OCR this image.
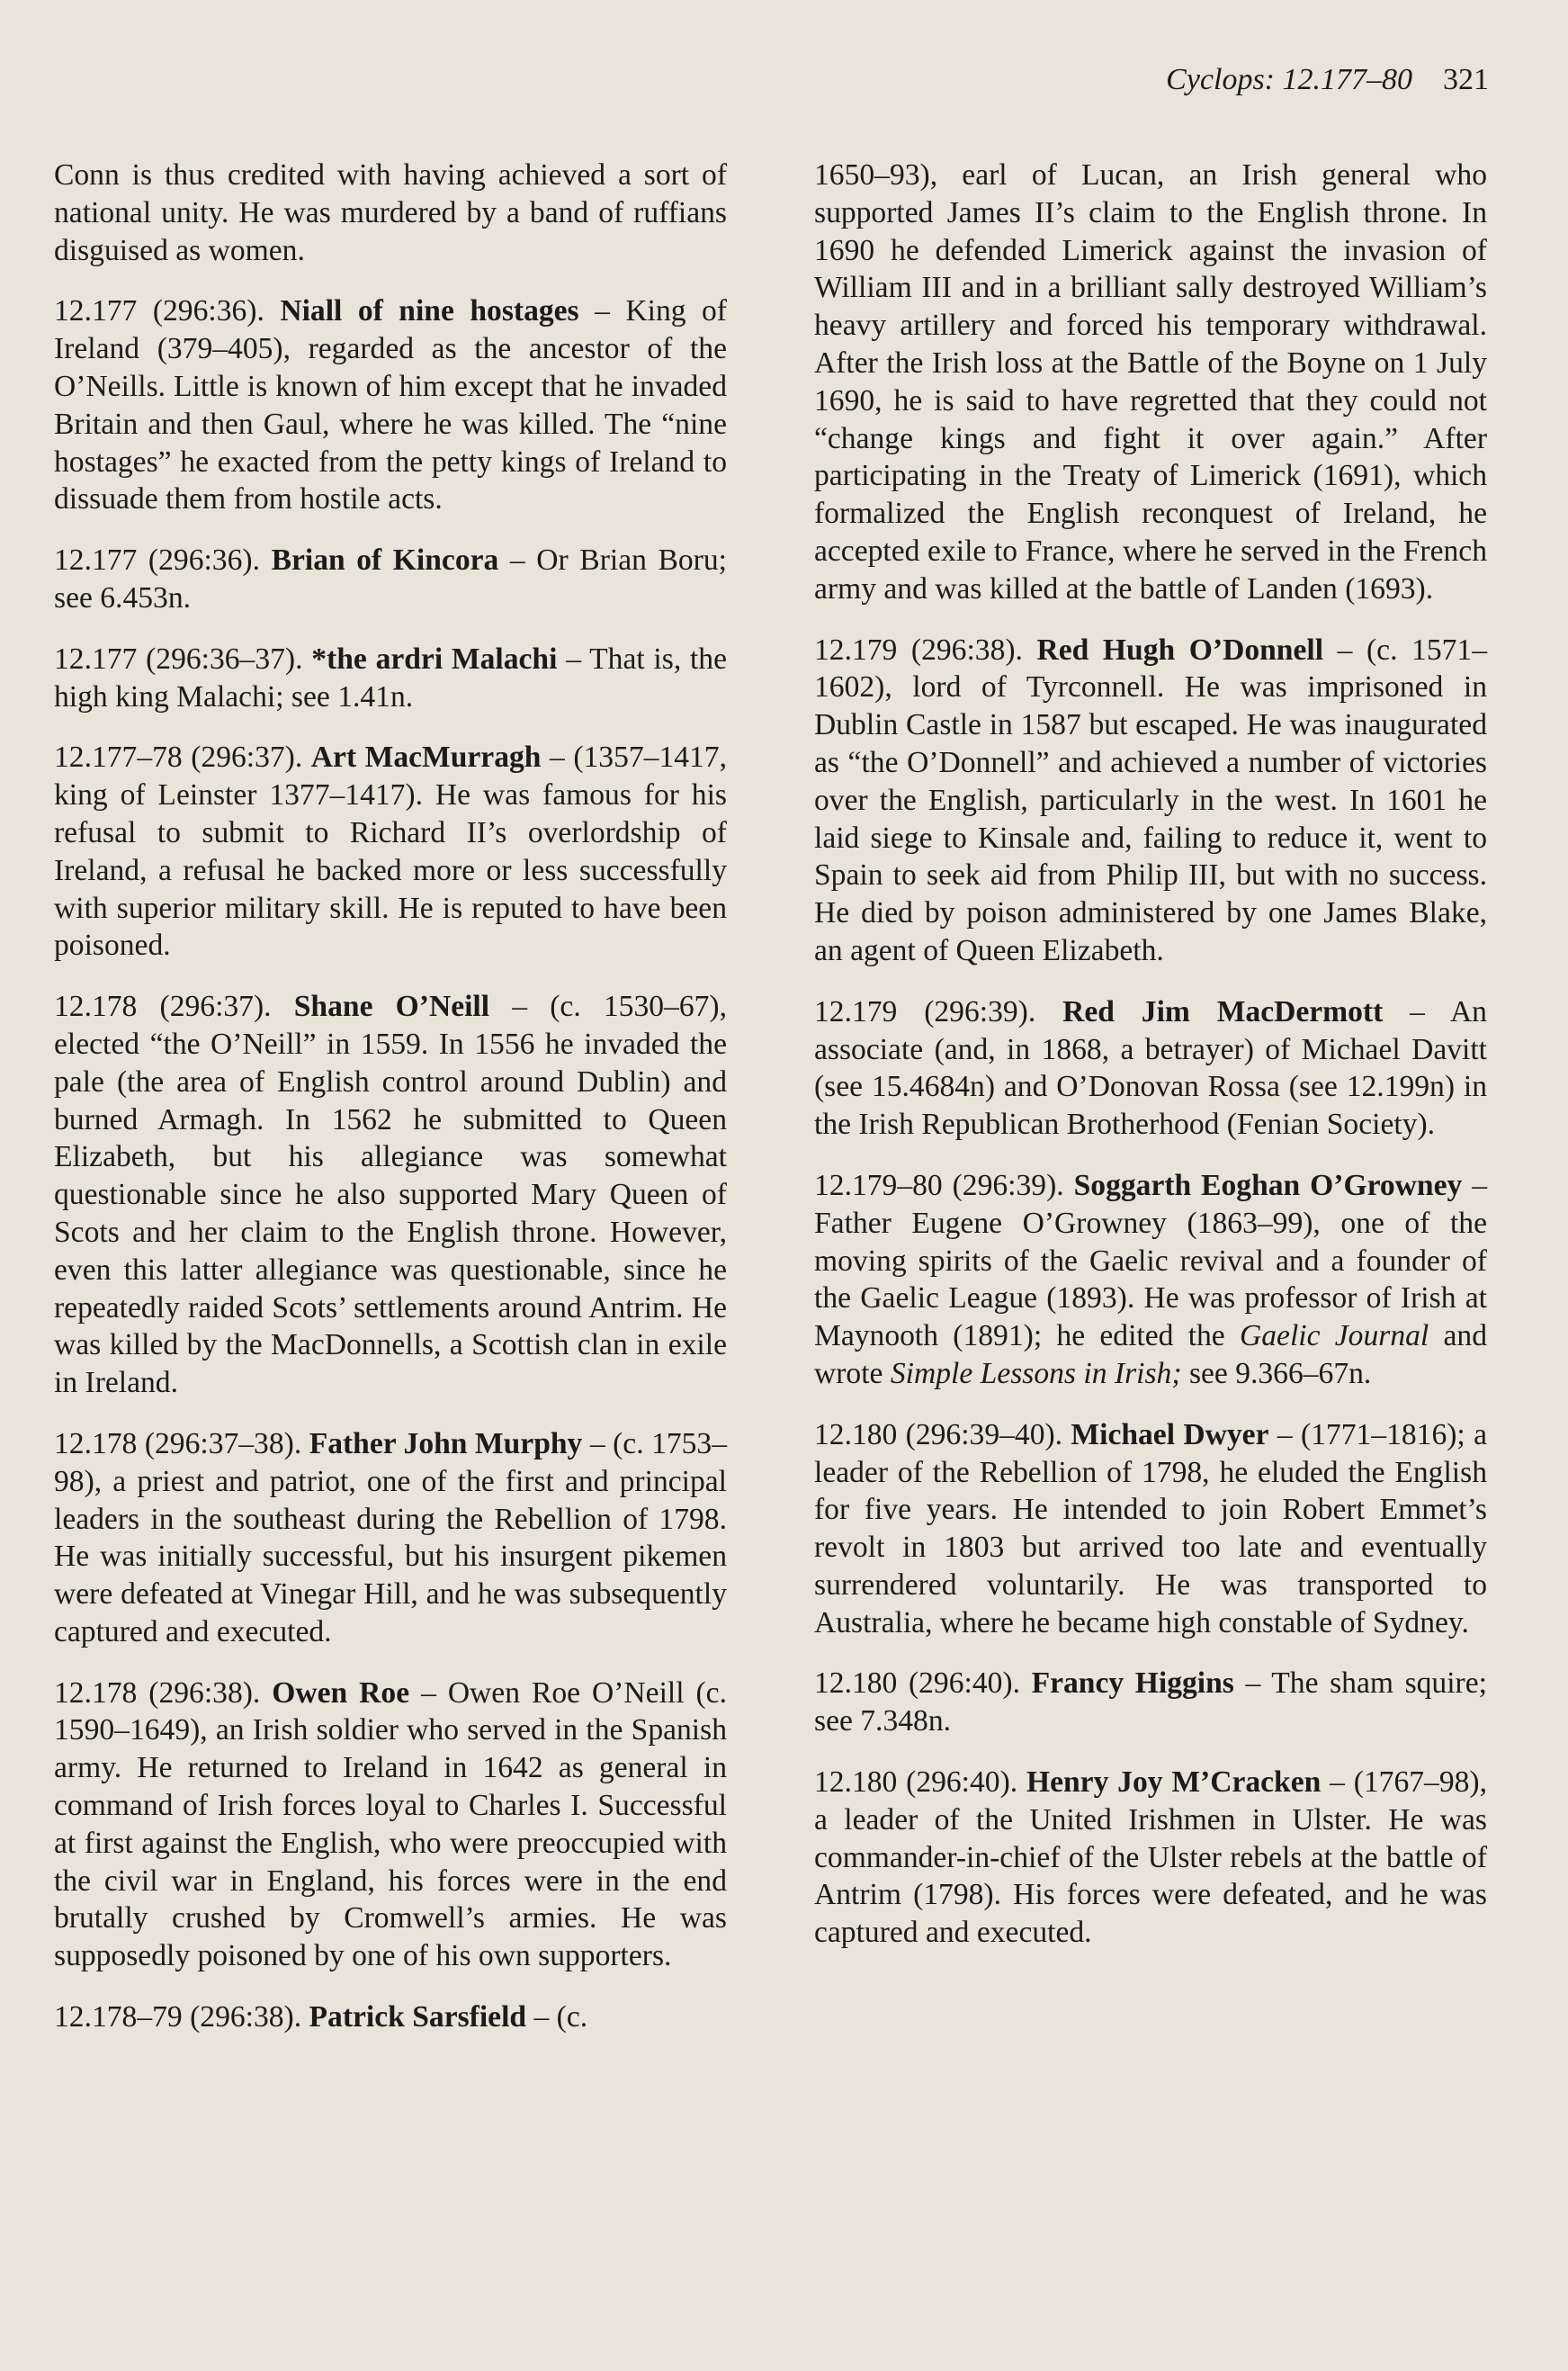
Cyclops: 12.177–80 321

Conn is thus credited with having achieved a sort of national unity. He was murdered by a band of ruffians disguised as women.

12.177 (296:36). Niall of nine hostages – King of Ireland (379–405), regarded as the ancestor of the O’Neills. Little is known of him except that he invaded Britain and then Gaul, where he was killed. The “nine hostages” he exacted from the petty kings of Ireland to dissuade them from hostile acts.

12.177 (296:36). Brian of Kincora – Or Brian Boru; see 6.453n.

12.177 (296:36–37). *the ardri Malachi – That is, the high king Malachi; see 1.41n.

12.177–78 (296:37). Art MacMurragh – (1357–1417, king of Leinster 1377–1417). He was famous for his refusal to submit to Richard II’s overlordship of Ireland, a refusal he backed more or less successfully with superior military skill. He is reputed to have been poisoned.

12.178 (296:37). Shane O’Neill – (c. 1530–67), elected “the O’Neill” in 1559. In 1556 he invaded the pale (the area of English control around Dublin) and burned Armagh. In 1562 he submitted to Queen Elizabeth, but his allegiance was somewhat questionable since he also supported Mary Queen of Scots and her claim to the English throne. However, even this latter allegiance was questionable, since he repeatedly raided Scots’ settlements around Antrim. He was killed by the MacDonnells, a Scottish clan in exile in Ireland.

12.178 (296:37–38). Father John Murphy – (c. 1753–98), a priest and patriot, one of the first and principal leaders in the southeast during the Rebellion of 1798. He was initially successful, but his insurgent pikemen were defeated at Vinegar Hill, and he was subsequently captured and executed.

12.178 (296:38). Owen Roe – Owen Roe O’Neill (c. 1590–1649), an Irish soldier who served in the Spanish army. He returned to Ireland in 1642 as general in command of Irish forces loyal to Charles I. Successful at first against the English, who were preoccupied with the civil war in England, his forces were in the end brutally crushed by Cromwell’s armies. He was supposedly poisoned by one of his own supporters.

12.178–79 (296:38). Patrick Sarsfield – (c.

1650–93), earl of Lucan, an Irish general who supported James II’s claim to the English throne. In 1690 he defended Limerick against the invasion of William III and in a brilliant sally destroyed William’s heavy artillery and forced his temporary withdrawal. After the Irish loss at the Battle of the Boyne on 1 July 1690, he is said to have regretted that they could not “change kings and fight it over again.” After participating in the Treaty of Limerick (1691), which formalized the English reconquest of Ireland, he accepted exile to France, where he served in the French army and was killed at the battle of Landen (1693).

12.179 (296:38). Red Hugh O’Donnell – (c. 1571–1602), lord of Tyrconnell. He was imprisoned in Dublin Castle in 1587 but escaped. He was inaugurated as “the O’Donnell” and achieved a number of victories over the English, particularly in the west. In 1601 he laid siege to Kinsale and, failing to reduce it, went to Spain to seek aid from Philip III, but with no success. He died by poison administered by one James Blake, an agent of Queen Elizabeth.

12.179 (296:39). Red Jim MacDermott – An associate (and, in 1868, a betrayer) of Michael Davitt (see 15.4684n) and O’Donovan Rossa (see 12.199n) in the Irish Republican Brotherhood (Fenian Society).

12.179–80 (296:39). Soggarth Eoghan O’Growney – Father Eugene O’Growney (1863–99), one of the moving spirits of the Gaelic revival and a founder of the Gaelic League (1893). He was professor of Irish at Maynooth (1891); he edited the Gaelic Journal and wrote Simple Lessons in Irish; see 9.366–67n.

12.180 (296:39–40). Michael Dwyer – (1771–1816); a leader of the Rebellion of 1798, he eluded the English for five years. He intended to join Robert Emmet’s revolt in 1803 but arrived too late and eventually surrendered voluntarily. He was transported to Australia, where he became high constable of Sydney.

12.180 (296:40). Francy Higgins – The sham squire; see 7.348n.

12.180 (296:40). Henry Joy M’Cracken – (1767–98), a leader of the United Irishmen in Ulster. He was commander-in-chief of the Ulster rebels at the battle of Antrim (1798). His forces were defeated, and he was captured and executed.
